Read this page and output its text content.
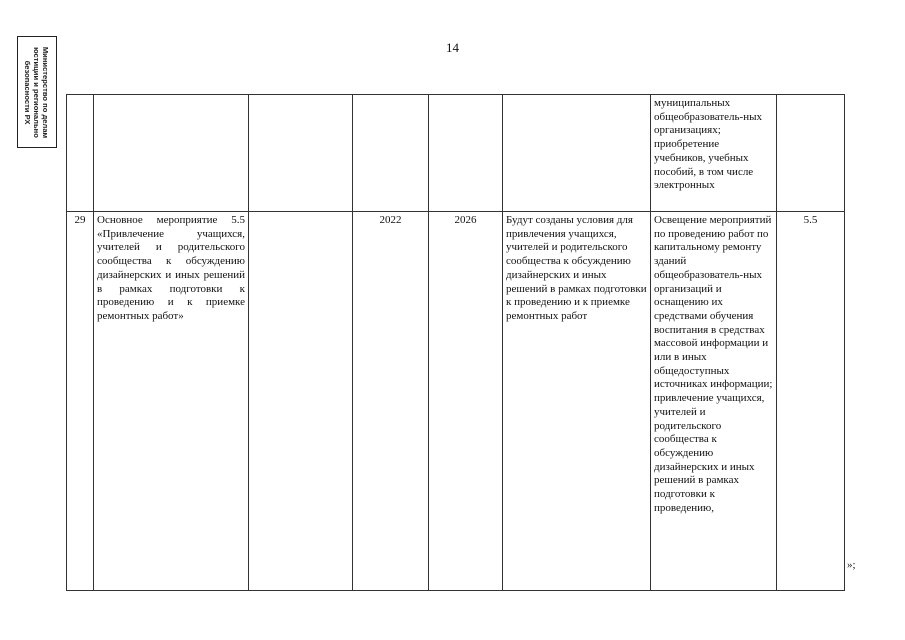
Министерство по делам
юстиции и регионально
безопасности РХ
14
						муниципальных общеобразователь-ных организациях; приобретение учебников, учебных пособий, в том числе электронных	
29	Основное мероприятие 5.5 «Привлечение учащихся, учителей и родительского сообщества к обсуждению дизайнерских и иных решений в рамках подготовки к проведению и к приемке ремонтных работ»		2022	2026	Будут созданы условия для привлечения учащихся, учителей и родительского сообщества к обсуждению дизайнерских и иных решений в рамках подготовки к проведению и к приемке ремонтных работ	Освещение мероприятий по проведению работ по капитальному ремонту зданий общеобразователь-ных организаций и оснащению их средствами обучения воспитания в средствах массовой информации и или в иных общедоступных источниках информации; привлечение учащихся, учителей и родительского сообщества к обсуждению дизайнерских и иных решений в рамках подготовки к проведению,	5.5
»;
